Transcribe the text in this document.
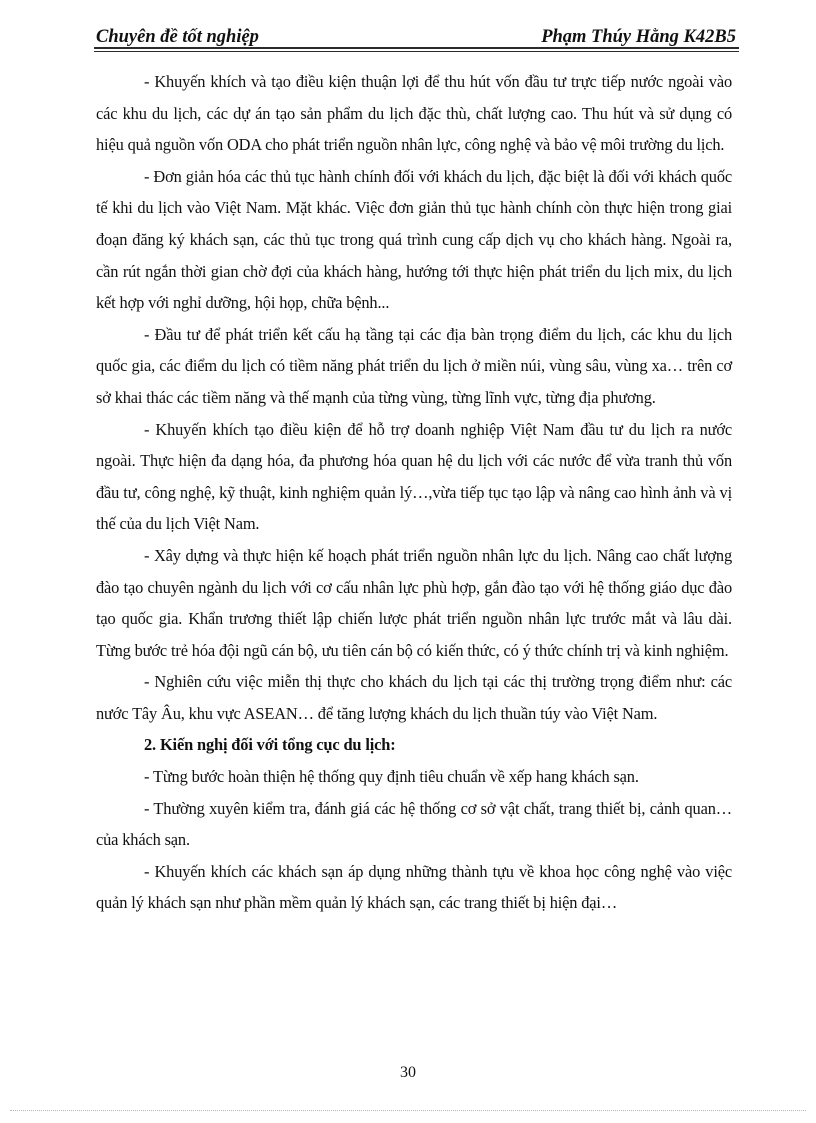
Chuyên đề tốt nghiệp	Phạm Thúy Hằng K42B5

- Khuyến khích và tạo điều kiện thuận lợi để thu hút vốn đầu tư trực tiếp nước ngoài vào các khu du lịch, các dự án tạo sản phẩm du lịch đặc thù, chất lượng cao. Thu hút và sử dụng có hiệu quả nguồn vốn ODA cho phát triển nguồn nhân lực, công nghệ và bảo vệ môi trường du lịch.

- Đơn giản hóa các thủ tục hành chính đối với khách du lịch, đặc biệt là đối với khách quốc tế khi du lịch vào Việt Nam. Mặt khác. Việc đơn giản thủ tục hành chính còn thực hiện trong giai đoạn đăng ký khách sạn, các thủ tục trong quá trình cung cấp dịch vụ cho khách hàng. Ngoài ra, cần rút ngắn thời gian chờ đợi của khách hàng, hướng tới thực hiện phát triển du lịch mix, du lịch kết hợp với nghỉ dưỡng, hội họp, chữa bệnh...

- Đầu tư để phát triển kết cấu hạ tầng tại các địa bàn trọng điểm du lịch, các khu du lịch quốc gia, các điểm du lịch có tiềm năng phát triển du lịch ở miền núi, vùng sâu, vùng xa… trên cơ sở khai thác các tiềm năng và thế mạnh của từng vùng, từng lĩnh vực, từng địa phương.

- Khuyến khích tạo điều kiện để hỗ trợ doanh nghiệp Việt Nam đầu tư du lịch ra nước ngoài. Thực hiện đa dạng hóa, đa phương hóa quan hệ du lịch với các nước để vừa tranh thủ vốn đầu tư, công nghệ, kỹ thuật, kinh nghiệm quản lý…,vừa tiếp tục tạo lập và nâng cao hình ảnh và vị thế của du lịch Việt Nam.

- Xây dựng và thực hiện kế hoạch phát triển nguồn nhân lực du lịch. Nâng cao chất lượng đào tạo chuyên ngành du lịch với cơ cấu nhân lực phù hợp, gắn đào tạo với hệ thống giáo dục đào tạo quốc gia. Khẩn trương thiết lập chiến lược phát triển nguồn nhân lực trước mắt và lâu dài. Từng bước trẻ hóa đội ngũ cán bộ, ưu tiên cán bộ có kiến thức, có ý thức chính trị và kinh nghiệm.

- Nghiên cứu việc miễn thị thực cho khách du lịch tại các thị trường trọng điểm như: các nước Tây Âu, khu vực ASEAN… để tăng lượng khách du lịch thuần túy vào Việt Nam.

2. Kiến nghị đối với tổng cục du lịch:

- Từng bước hoàn thiện hệ thống quy định tiêu chuẩn về xếp hang khách sạn.

- Thường xuyên kiểm tra, đánh giá các hệ thống cơ sở vật chất, trang thiết bị, cảnh quan… của khách sạn.

- Khuyến khích các khách sạn áp dụng những thành tựu về khoa học công nghệ vào việc quản lý khách sạn như phần mềm quản lý khách sạn, các trang thiết bị hiện đại…

30
